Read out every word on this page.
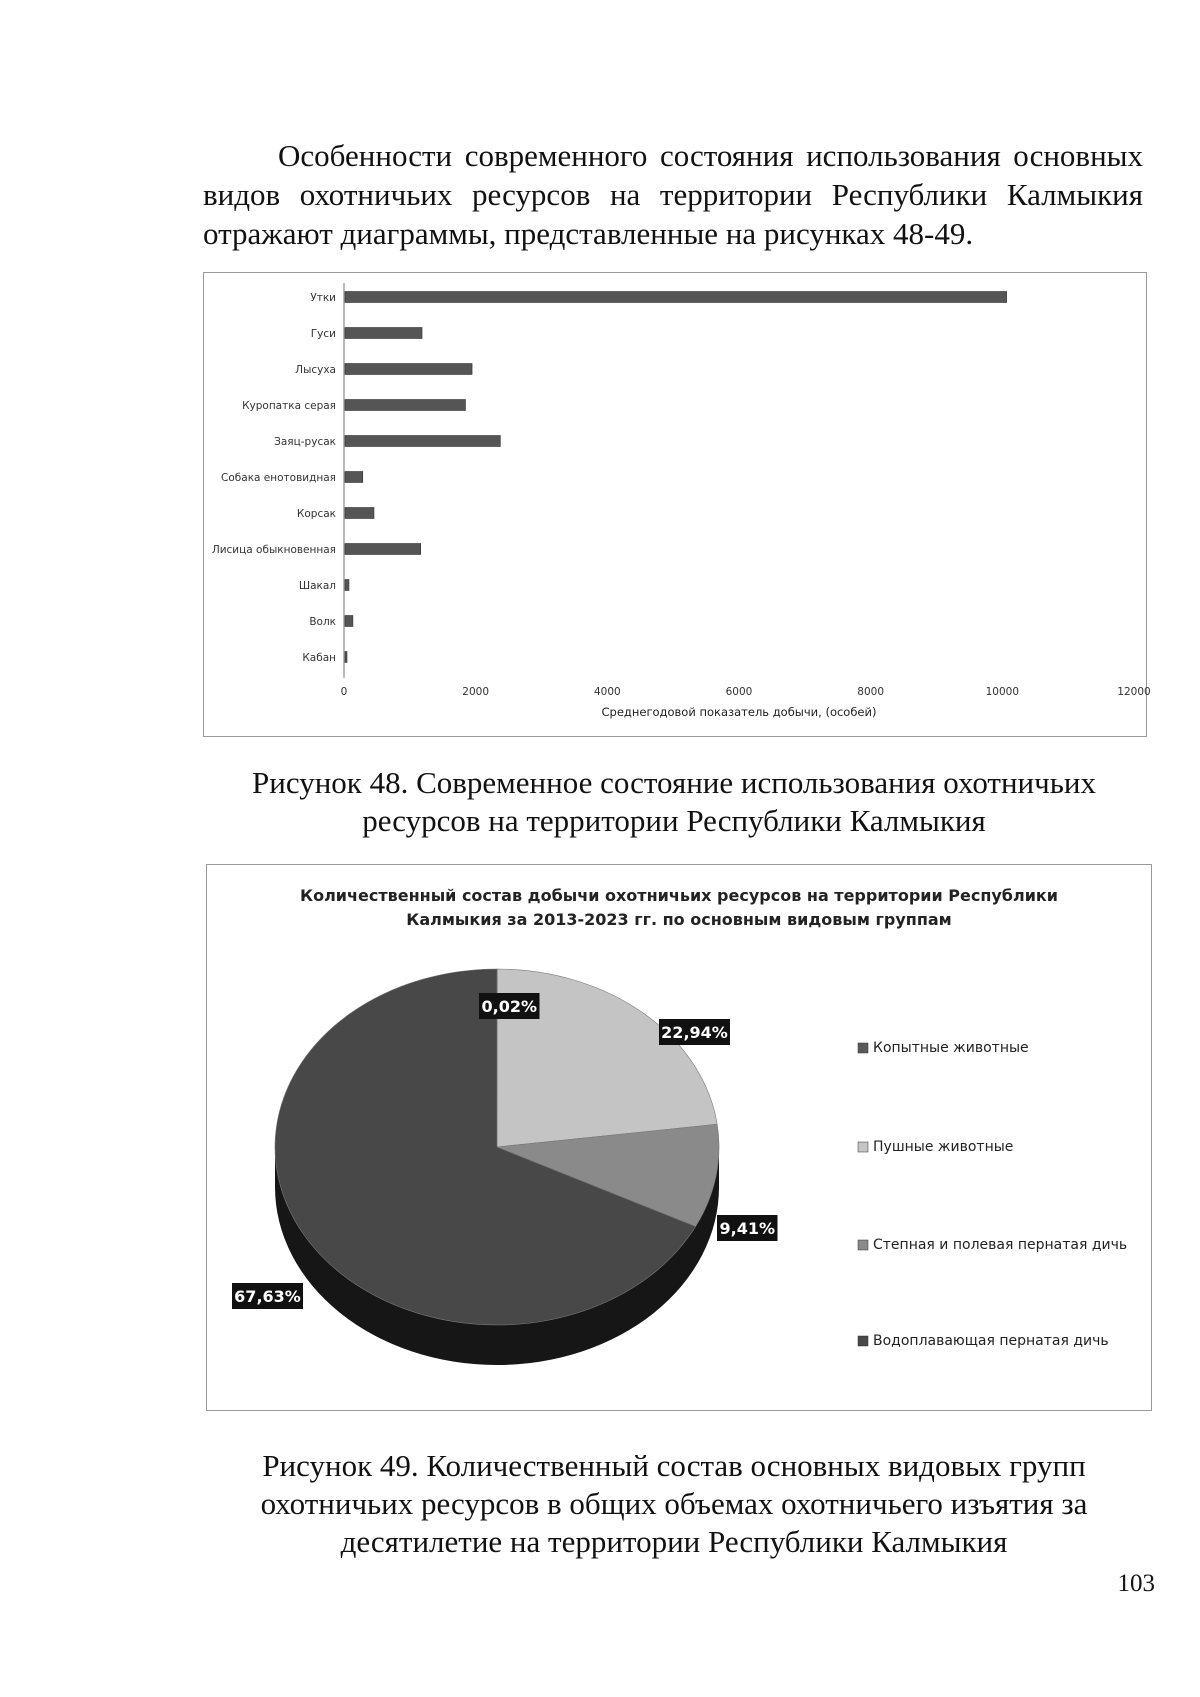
Особенности современного состояния использования основных видов охотничьих ресурсов на территории Республики Калмыкия отражают диаграммы, представленные на рисунках 48-49.

Утки
Гуси
Лысуха
Куропатка серая
Заяц-русак
Собака енотовидная
Корсак
Лисица обыкновенная
Шакал
Волк
Кабан
0	2000	4000	6000	8000	10000	12000
Среднегодовой показатель добычи, (особей)

Рисунок 48. Современное состояние использования охотничьих ресурсов на территории Республики Калмыкия

Количественный состав добычи охотничьих ресурсов на территории Республики
Калмыкия за 2013-2023 гг. по основным видовым группам
0,02%
22,94%
9,41%
67,63%
Копытные животные
Пушные животные
Степная и полевая пернатая дичь
Водоплавающая пернатая дичь

Рисунок 49. Количественный состав основных видовых групп охотничьих ресурсов в общих объемах охотничьего изъятия за десятилетие на территории Республики Калмыкия

103
